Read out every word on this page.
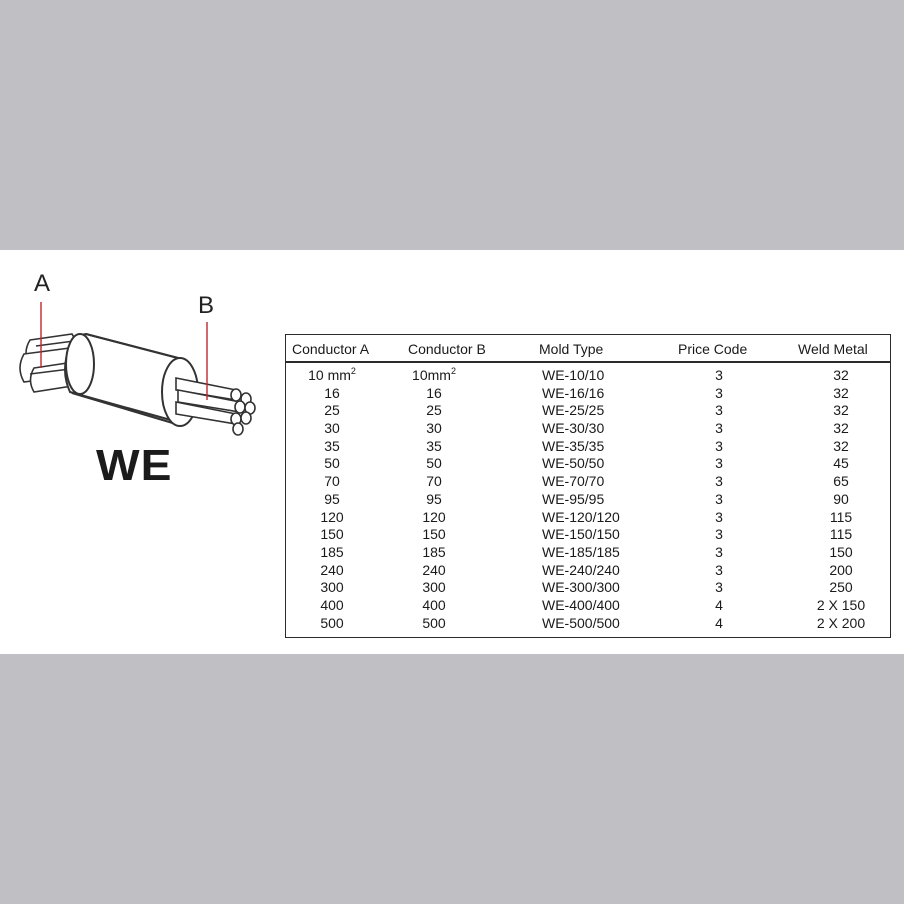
A
B
WE
Conductor A	Conductor B	Mold Type	Price Code	Weld Metal
10 $mm^2$	$10mm^2$	WE-10/10	3	32
16	16	WE-16/16	3	32
25	25	WE-25/25	3	32
30	30	WE-30/30	3	32
35	35	WE-35/35	3	32
50	50	WE-50/50	3	45
70	70	WE-70/70	3	65
95	95	WE-95/95	3	90
120	120	WE-120/120	3	115
150	150	WE-150/150	3	115
185	185	WE-185/185	3	150
240	240	WE-240/240	3	200
300	300	WE-300/300	3	250
400	400	WE-400/400	4	2 X 150
500	500	WE-500/500	4	2 X 200
